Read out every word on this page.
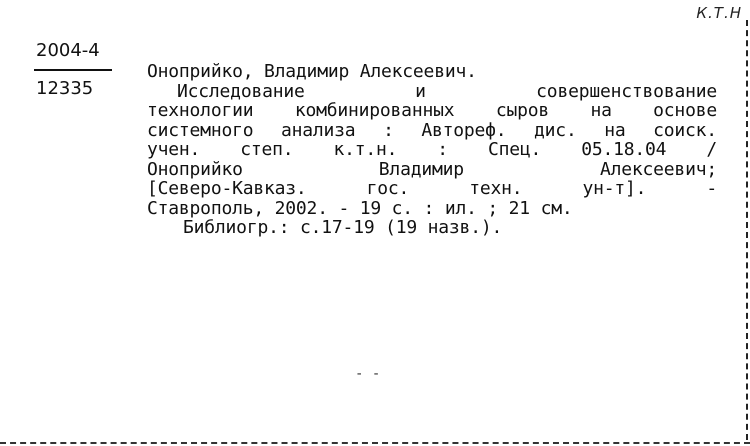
К.Т.Н
2004-4
12335
Оноприйко, Владимир Алексеевич.
Исследование	и	совершенствование
технологии комбинированных сыров на основе
системного анализа : Автореф. дис. на соиск.
учен. степ. к.т.н. : Спец. 05.18.04 /
Оноприйко	Владимир	Алексеевич;
[Северо-Кавказ.	гос.	техн.	ун-т].	-
Ставрополь, 2002. - 19 с. : ил. ; 21 см.
Библиогр.: с.17-19 (19 назв.).
- -
